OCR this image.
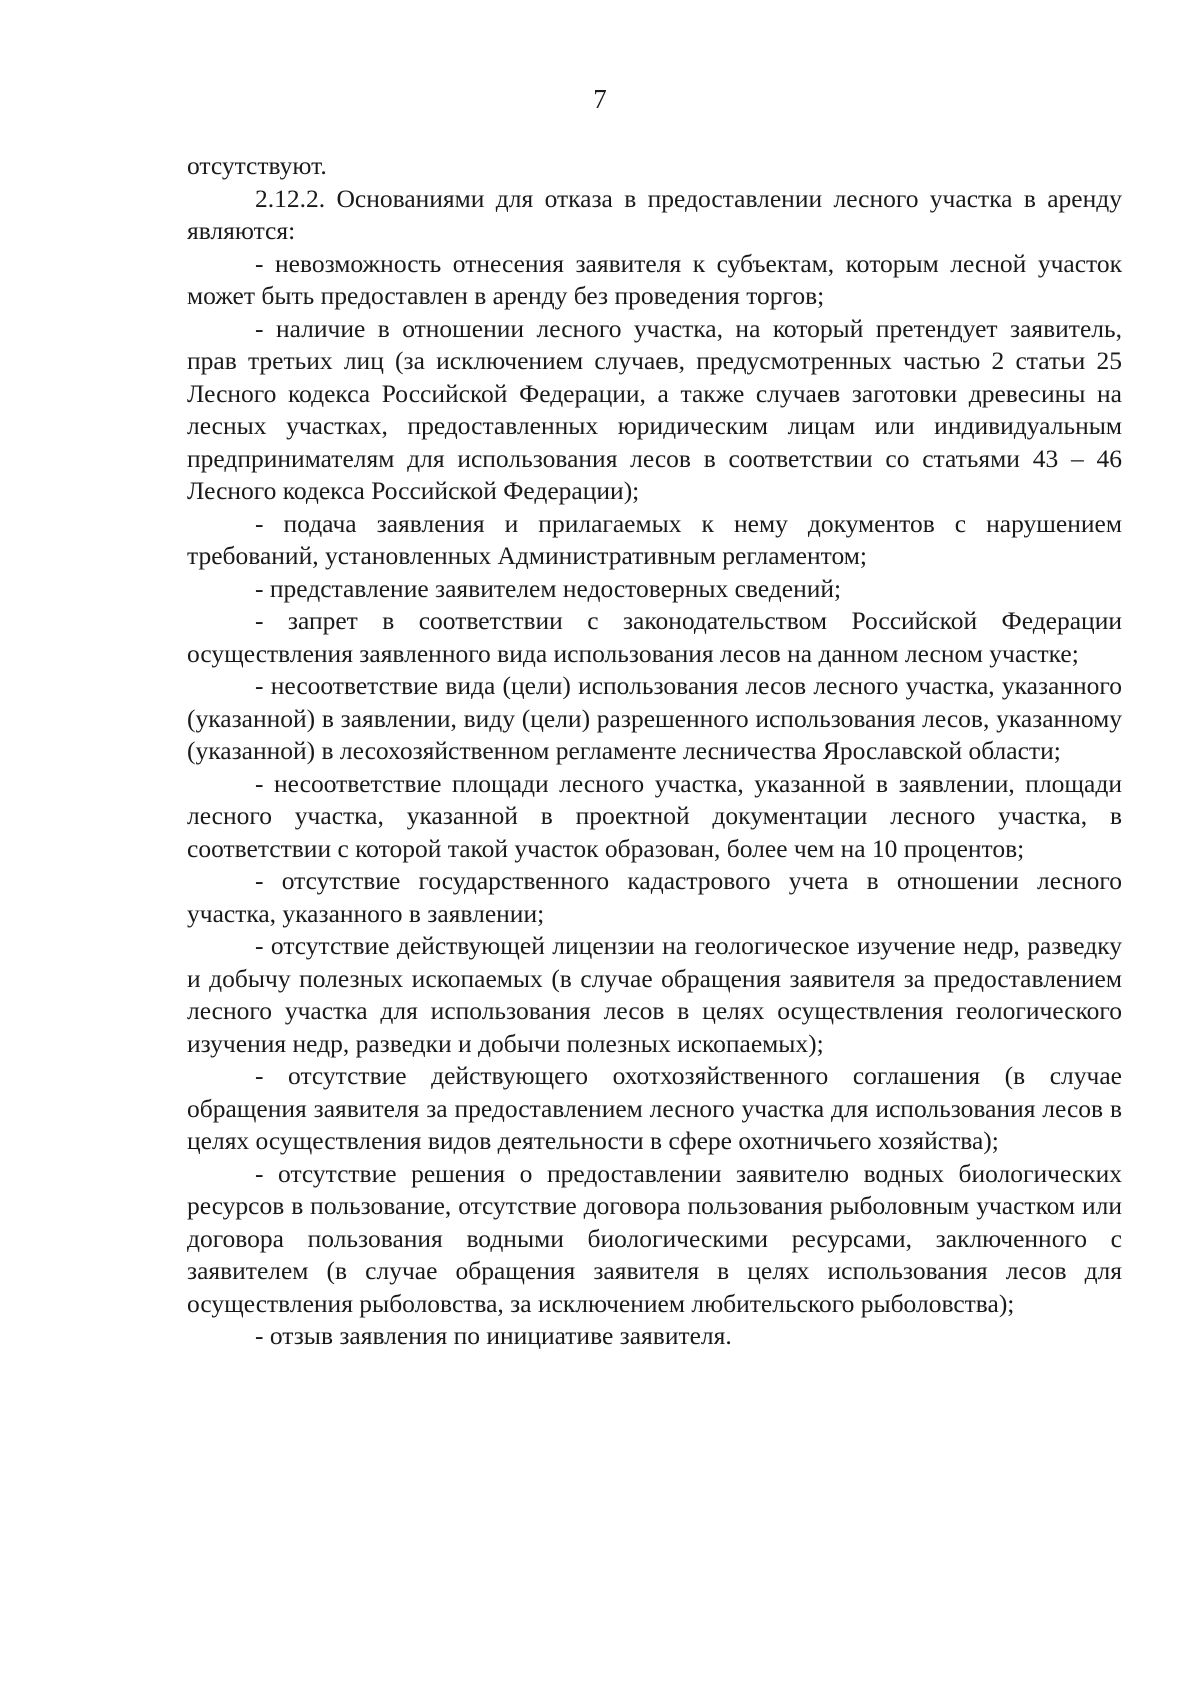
7

отсутствуют.

2.12.2. Основаниями для отказа в предоставлении лесного участка в аренду являются:

- невозможность отнесения заявителя к субъектам, которым лесной участок может быть предоставлен в аренду без проведения торгов;

- наличие в отношении лесного участка, на который претендует заявитель, прав третьих лиц (за исключением случаев, предусмотренных частью 2 статьи 25 Лесного кодекса Российской Федерации, а также случаев заготовки древесины на лесных участках, предоставленных юридическим лицам или индивидуальным предпринимателям для использования лесов в соответствии со статьями 43 – 46 Лесного кодекса Российской Федерации);

- подача заявления и прилагаемых к нему документов с нарушением требований, установленных Административным регламентом;

- представление заявителем недостоверных сведений;

- запрет в соответствии с законодательством Российской Федерации осуществления заявленного вида использования лесов на данном лесном участке;

- несоответствие вида (цели) использования лесов лесного участка, указанного (указанной) в заявлении, виду (цели) разрешенного использования лесов, указанному (указанной) в лесохозяйственном регламенте лесничества Ярославской области;

- несоответствие площади лесного участка, указанной в заявлении, площади лесного участка, указанной в проектной документации лесного участка, в соответствии с которой такой участок образован, более чем на 10 процентов;

- отсутствие государственного кадастрового учета в отношении лесного участка, указанного в заявлении;

- отсутствие действующей лицензии на геологическое изучение недр, разведку и добычу полезных ископаемых (в случае обращения заявителя за предоставлением лесного участка для использования лесов в целях осуществления геологического изучения недр, разведки и добычи полезных ископаемых);

- отсутствие действующего охотхозяйственного соглашения (в случае обращения заявителя за предоставлением лесного участка для использования лесов в целях осуществления видов деятельности в сфере охотничьего хозяйства);

- отсутствие решения о предоставлении заявителю водных биологических ресурсов в пользование, отсутствие договора пользования рыболовным участком или договора пользования водными биологическими ресурсами, заключенного с заявителем (в случае обращения заявителя в целях использования лесов для осуществления рыболовства, за исключением любительского рыболовства);

- отзыв заявления по инициативе заявителя.
